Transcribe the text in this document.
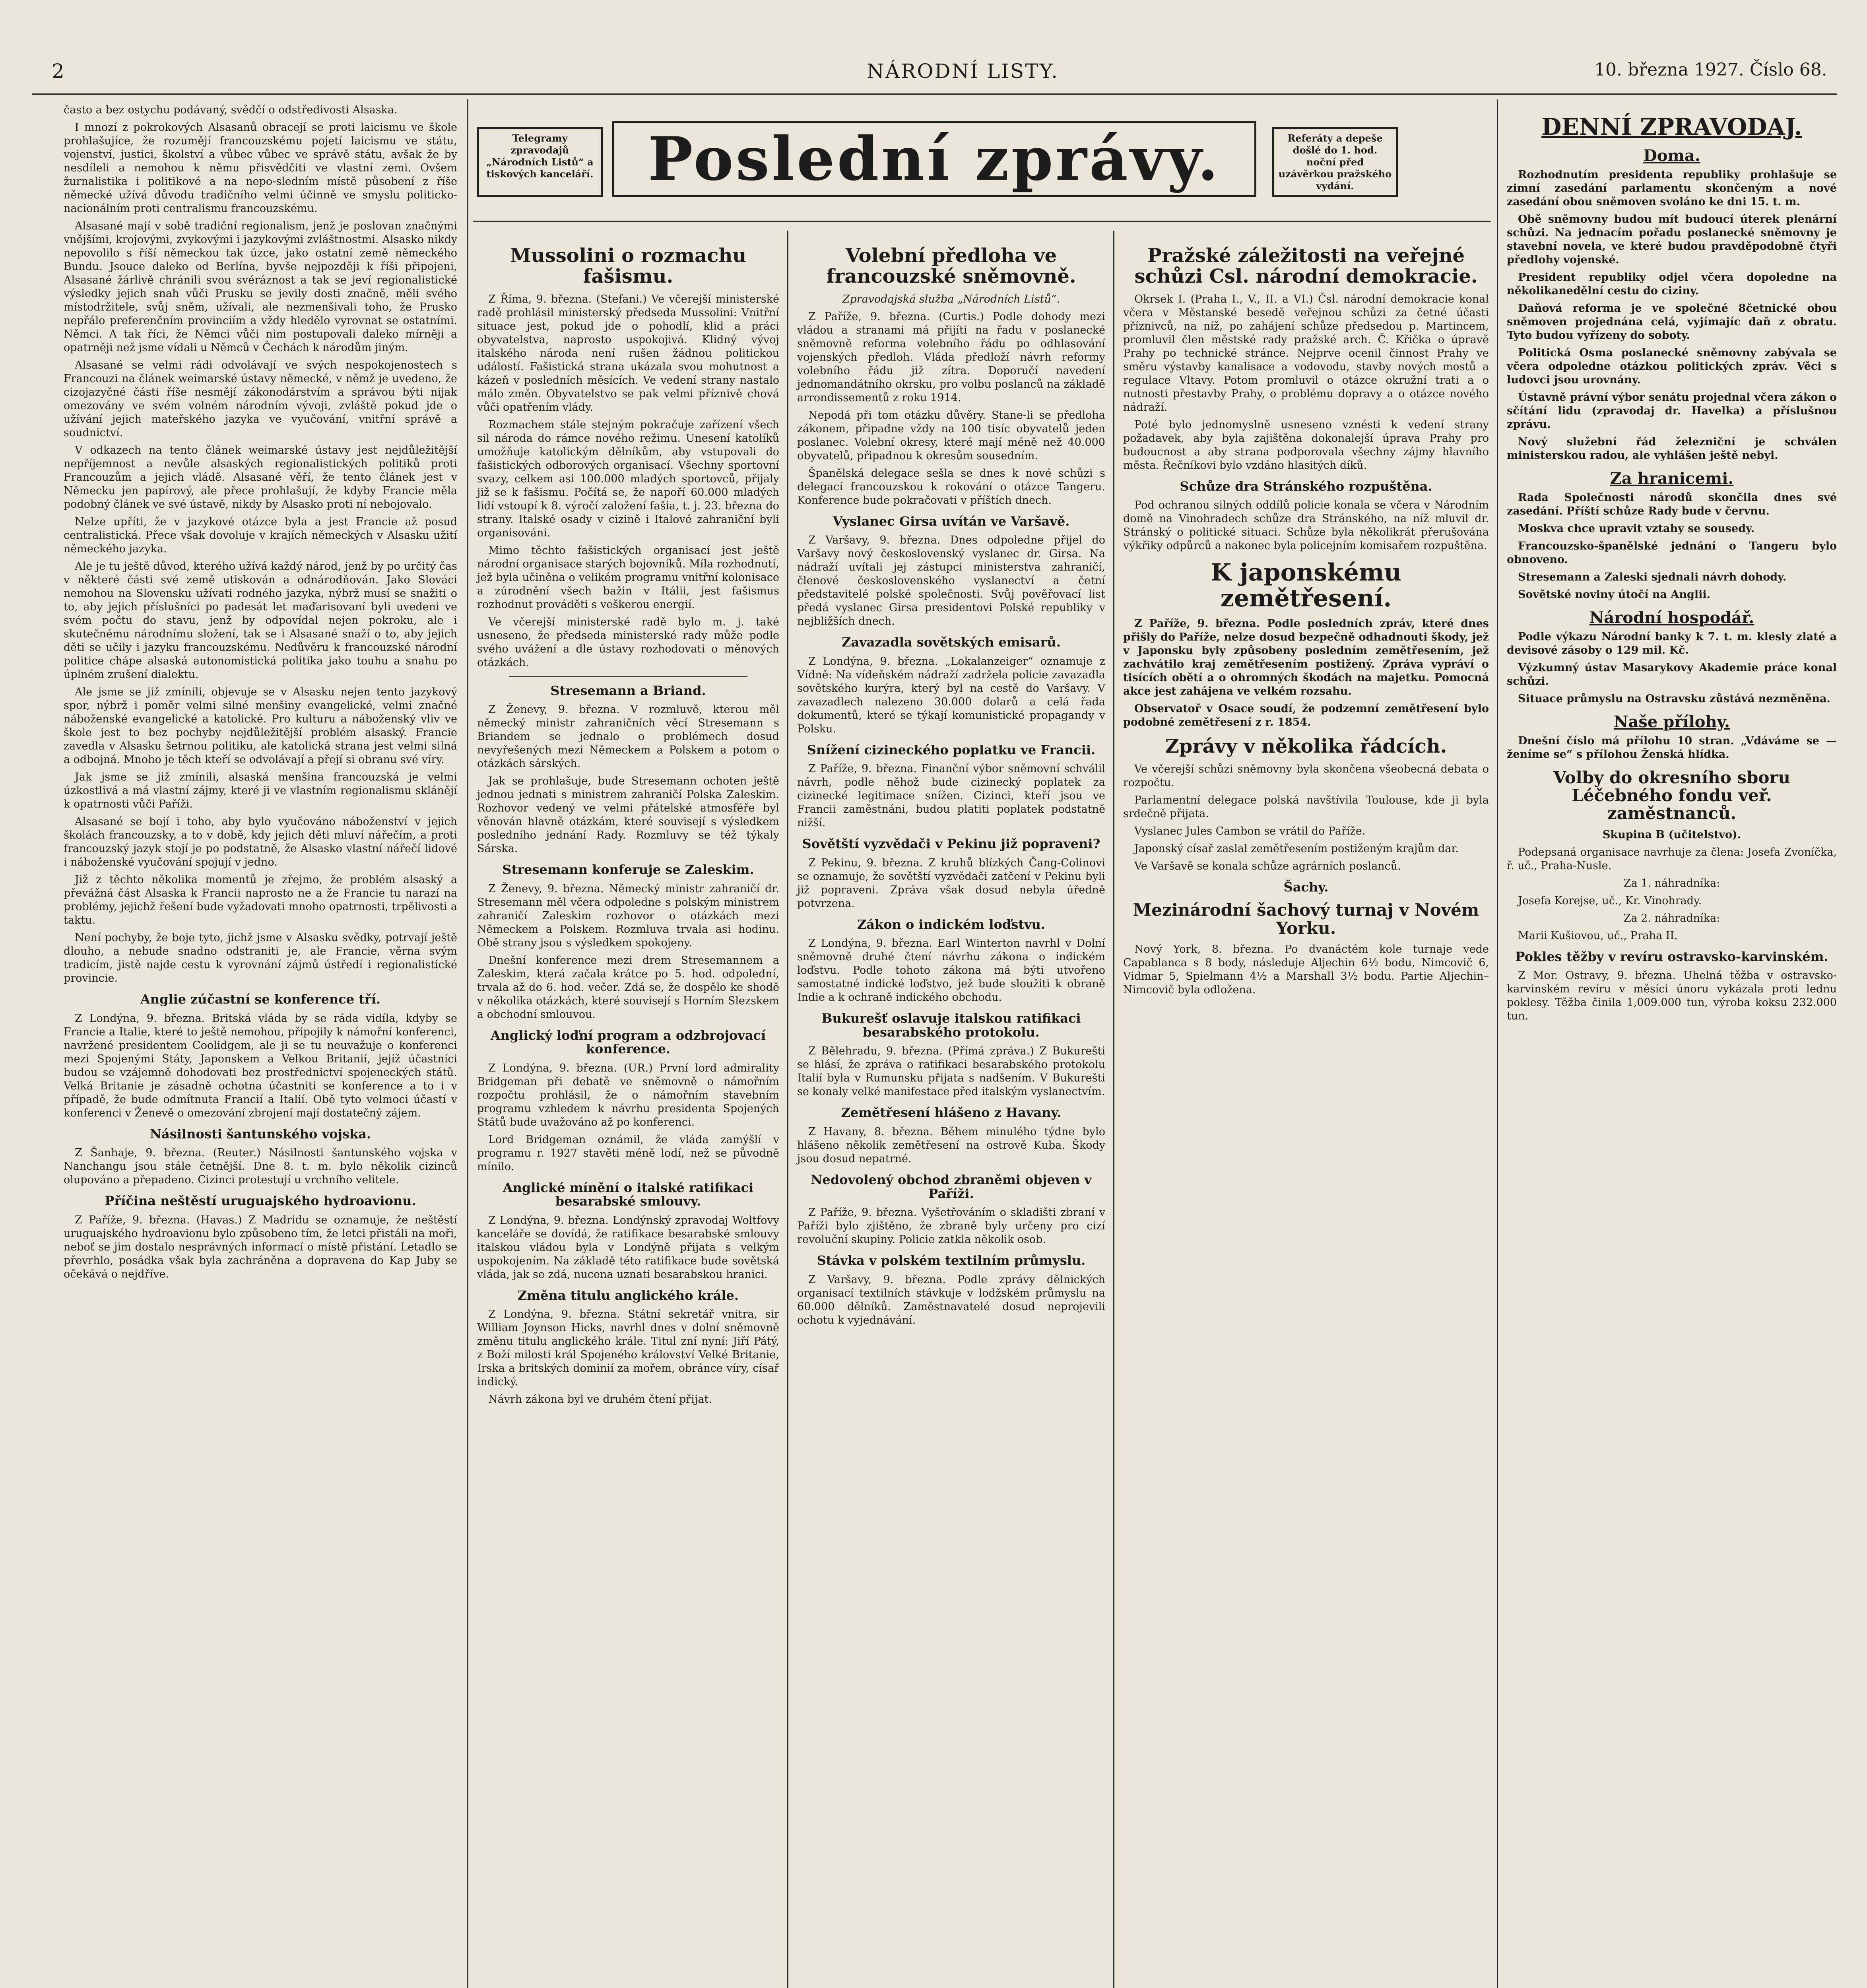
2	NÁRODNÍ LISTY.	10. března 1927. Číslo 68.
Telegramy zpravodajů „Národních Listů“ a tiskových kanceláří. Poslední zprávy.	Referáty a depeše došlé do 1. hod. noční před uzávěrkou pražského vydání.

často a bez ostychu podávaný, svědčí o odstředivosti Alsaska.

I mnozí z pokrokových Alsasanů obracejí se proti laicismu ve škole prohlašujíce, že rozumějí francouzskému pojetí laicismu ve státu, vojenství, justici, školství a vůbec vůbec ve správě státu, avšak že by nesdíleli a nemohou k němu přisvědčiti ve vlastní zemi. Ovšem žurnalistika i politikové a na nepo-sledním místě působení z říše německé užívá důvodu tradičního velmi účinně ve smyslu politicko-nacionálním proti centralismu francouzskému.

Alsasané mají v sobě tradiční regionalism, jenž je poslovan značnými vnějšími, krojovými, zvykovými i jazykovými zvláštnostmi. Alsasko nikdy nepovolilo s říší německou tak úzce, jako ostatní země německého Bundu. Jsouce daleko od Berlína, byvše nejpozději k říši připojeni, Alsasané žárlivě chránili svou svéráznost a tak se jeví regionalistické výsledky jejich snah vůči Prusku se jevily dosti značně, měli svého místodržitele, svůj sněm, užívali, ale nezmenšivali toho, že Prusko nepřálo preferenčním provinciím a vždy hledělo vyrovnat se ostatními. Němci. A tak říci, že Němci vůči nim postupovali daleko mírněji a opatrněji než jsme vídali u Němců v Čechách k národům jiným.

Alsasané se velmi rádi odvolávají ve svých nespokojenostech s Francouzi na článek weimarské ústavy německé, v němž je uvedeno, že cizojazyčné části říše nesmějí zákonodárstvím a správou býti nijak omezovány ve svém volném národním vývoji, zvláště pokud jde o užívání jejich mateřského jazyka ve vyučování, vnitřní správě a soudnictví.

V odkazech na tento článek weimarské ústavy jest nejdůležitější nepříjemnost a nevůle alsaských regionalistických politiků proti Francouzům a jejich vládě. Alsasané věří, že tento článek jest v Německu jen papírový, ale přece prohlašují, že kdyby Francie měla podobný článek ve své ústavě, nikdy by Alsasko proti ní nebojovalo.

Nelze upříti, že v jazykové otázce byla a jest Francie až posud centralistická. Přece však dovoluje v krajích německých v Alsasku užití německého jazyka.

Ale je tu ještě důvod, kterého užívá každý národ, jenž by po určitý čas v některé části své země utiskován a odnárodňován. Jako Slováci nemohou na Slovensku užívati rodného jazyka, nýbrž musí se snažiti o to, aby jejich příslušníci po padesát let maďarisovaní byli uvedeni ve svém počtu do stavu, jenž by odpovídal nejen pokroku, ale i skutečnému národnímu složení, tak se i Alsasané snaží o to, aby jejich děti se učily i jazyku francouzskému. Nedůvěru k francouzské národní politice chápe alsaská autonomistická politika jako touhu a snahu po úplném zrušení dialektu.

Ale jsme se již zmínili, objevuje se v Alsasku nejen tento jazykový spor, nýbrž i poměr velmi silné menšiny evangelické, velmi značné náboženské evangelické a katolické. Pro kulturu a náboženský vliv ve škole jest to bez pochyby nejdůležitější problém alsaský. Francie zavedla v Alsasku šetrnou politiku, ale katolická strana jest velmi silná a odbojná. Mnoho je těch kteří se odvolávají a přejí si obranu své víry.

Jak jsme se již zmínili, alsaská menšina francouzská je velmi úzkostlivá a má vlastní zájmy, které ji ve vlastním regionalismu sklánějí k opatrnosti vůči Paříži.

Alsasané se bojí i toho, aby bylo vyučováno náboženství v jejich školách francouzsky, a to v době, kdy jejich děti mluví nářečím, a proti francouzský jazyk stojí je po podstatně, že Alsasko vlastní nářečí lidové i náboženské vyučování spojují v jedno.

Již z těchto několika momentů je zřejmo, že problém alsaský a převážná část Alsaska k Francii naprosto ne a že Francie tu narazí na problémy, jejichž řešení bude vyžadovati mnoho opatrnosti, trpělivosti a taktu.

Není pochyby, že boje tyto, jichž jsme v Alsasku svědky, potrvají ještě dlouho, a nebude snadno odstraniti je, ale Francie, věrna svým tradicím, jistě najde cestu k vyrovnání zájmů ústředí i regionalistické provincie.

Anglie zúčastní se konference tří.

Z Londýna, 9. března. Britská vláda by se ráda vidíla, kdyby se Francie a Italie, které to ještě nemohou, připojily k námořní konferenci, navržené presidentem Coolidgem, ale ji se tu neuvažuje o konferenci mezi Spojenými Státy, Japonskem a Velkou Britanií, jejíž účastníci budou se vzájemně dohodovati bez prostřednictví spojeneckých států. Velká Britanie je zásadně ochotna účastniti se konference a to i v případě, že bude odmítnuta Francií a Italií. Obě tyto velmoci účastí v konferenci v Ženevě o omezování zbrojení mají dostatečný zájem.

Násilnosti šantunského vojska.

Z Šanhaje, 9. března. (Reuter.) Násilnosti šantunského vojska v Nanchangu jsou stále četnější. Dne 8. t. m. bylo několik cizinců olupováno a přepadeno. Cizinci protestují u vrchního velitele.

Příčina neštěstí uruguajského hydroavionu.

Z Paříže, 9. března. (Havas.) Z Madridu se oznamuje, že neštěstí uruguajského hydroavionu bylo způsobeno tím, že letci přistáli na moři, neboť se jim dostalo nesprávných informací o místě přistání. Letadlo se převrhlo, posádka však byla zachráněna a dopravena do Kap Juby se očekává o nejdříve.

Mussolini o rozmachu fašismu.

Z Říma, 9. března. (Stefani.) Ve včerejší ministerské radě prohlásil ministerský předseda Mussolini: Vnitřní situace jest, pokud jde o pohodlí, klid a práci obyvatelstva, naprosto uspokojivá. Klidný vývoj italského národa není rušen žádnou politickou událostí. Fašistická strana ukázala svou mohutnost a kázeň v posledních měsících. Ve vedení strany nastalo málo změn. Obyvatelstvo se pak velmi příznivě chová vůči opatřením vlády.

Rozmachem stále stejným pokračuje zařízení všech sil národa do rámce nového režimu. Unesení katolíků umožňuje katolickým dělníkům, aby vstupovali do fašistických odborových organisací. Všechny sportovní svazy, celkem asi 100.000 mladých sportovců, přijaly již se k fašismu. Počítá se, že napoří 60.000 mladých lidí vstoupí k 8. výročí založení fašia, t. j. 23. března do strany. Italské osady v cizině i Italové zahraniční byli organisováni.

Mimo těchto fašistických organisací jest ještě národní organisace starých bojovníků. Míla rozhodnutí, jež byla učiněna o velikém programu vnitřní kolonisace a zúrodnění všech bažin v Itálii, jest fašismus rozhodnut prováděti s veškerou energií.

Ve včerejší ministerské radě bylo m. j. také usneseno, že předseda ministerské rady může podle svého uvážení a dle ústavy rozhodovati o měnových otázkách.

Stresemann a Briand.

Z Ženevy, 9. března. V rozmluvě, kterou měl německý ministr zahraničních věcí Stresemann s Briandem se jednalo o problémech dosud nevyřešených mezi Německem a Polskem a potom o otázkách sárských.

Jak se prohlašuje, bude Stresemann ochoten ještě jednou jednati s ministrem zahraničí Polska Zaleskim. Rozhovor vedený ve velmi přátelské atmosféře byl věnován hlavně otázkám, které souvisejí s výsledkem posledního jednání Rady. Rozmluvy se též týkaly Sárska.

Stresemann konferuje se Zaleskim.

Z Ženevy, 9. března. Německý ministr zahraničí dr. Stresemann měl včera odpoledne s polským ministrem zahraničí Zaleskim rozhovor o otázkách mezi Německem a Polskem. Rozmluva trvala asi hodinu. Obě strany jsou s výsledkem spokojeny.

Dnešní konference mezi drem Stresemannem a Zaleskim, která začala krátce po 5. hod. odpolední, trvala až do 6. hod. večer. Zdá se, že dospělo ke shodě v několika otázkách, které souvisejí s Horním Slezskem a obchodní smlouvou.

Anglický loďní program a odzbrojovací konference.

Z Londýna, 9. března. (UR.) První lord admirality Bridgeman při debatě ve sněmovně o námořním rozpočtu prohlásil, že o námořním stavebním programu vzhledem k návrhu presidenta Spojených Států bude uvažováno až po konferenci.

Lord Bridgeman oznámil, že vláda zamýšlí v programu r. 1927 stavěti méně lodí, než se původně mínilo.

Anglické mínění o italské ratifikaci besarabské smlouvy.

Z Londýna, 9. března. Londýnský zpravodaj Woltfovy kanceláře se dovídá, že ratifikace besarabské smlouvy italskou vládou byla v Londýně přijata s velkým uspokojením. Na základě této ratifikace bude sovětská vláda, jak se zdá, nucena uznati besarabskou hranici.

Změna titulu anglického krále.

Z Londýna, 9. března. Státní sekretář vnitra, sir William Joynson Hicks, navrhl dnes v dolní sněmovně změnu titulu anglického krále. Titul zní nyní: Jiří Pátý, z Boží milosti král Spojeného království Velké Britanie, Irska a britských dominií za mořem, obránce víry, císař indický.

Návrh zákona byl ve druhém čtení přijat.

Volební předloha ve francouzské sněmovně.

Zpravodajská služba „Národních Listů“.

Z Paříže, 9. března. (Curtis.) Podle dohody mezi vládou a stranami má přijíti na řadu v poslanecké sněmovně reforma volebního řádu po odhlasování vojenských předloh. Vláda předloží návrh reformy volebního řádu již zítra. Doporučí navedení jednomandátního okrsku, pro volbu poslanců na základě arrondissementů z roku 1914.

Nepodá při tom otázku důvěry. Stane-li se předloha zákonem, připadne vždy na 100 tisíc obyvatelů jeden poslanec. Volební okresy, které mají méně než 40.000 obyvatelů, připadnou k okresům sousedním.

Španělská delegace sešla se dnes k nové schůzi s delegací francouzskou k rokování o otázce Tangeru. Konference bude pokračovati v příštích dnech.

Vyslanec Girsa uvítán ve Varšavě.

Z Varšavy, 9. března. Dnes odpoledne přijel do Varšavy nový československý vyslanec dr. Girsa. Na nádraží uvítali jej zástupci ministerstva zahraničí, členové československého vyslanectví a četní představitelé polské společnosti. Svůj pověřovací list předá vyslanec Girsa presidentovi Polské republiky v nejbližších dnech.

Zavazadla sovětských emisarů.

Z Londýna, 9. března. „Lokalanzeiger“ oznamuje z Vídně: Na vídeňském nádraží zadržela policie zavazadla sovětského kurýra, který byl na cestě do Varšavy. V zavazadlech nalezeno 30.000 dolarů a celá řada dokumentů, které se týkají komunistické propagandy v Polsku.

Snížení cizineckého poplatku ve Francii.

Z Paříže, 9. března. Finanční výbor sněmovní schválil návrh, podle něhož bude cizinecký poplatek za cizinecké legitimace snížen. Cizinci, kteří jsou ve Francii zaměstnáni, budou platiti poplatek podstatně nižší.

Sovětští vyzvědači v Pekinu již popraveni?

Z Pekinu, 9. března. Z kruhů blízkých Čang-Colinovi se oznamuje, že sovětští vyzvědači zatčení v Pekinu byli již popraveni. Zpráva však dosud nebyla úředně potvrzena.

Zákon o indickém loďstvu.

Z Londýna, 9. března. Earl Winterton navrhl v Dolní sněmovně druhé čtení návrhu zákona o indickém loďstvu. Podle tohoto zákona má býti utvořeno samostatné indické loďstvo, jež bude sloužiti k obraně Indie a k ochraně indického obchodu.

Bukurešť oslavuje italskou ratifikaci besarabského protokolu.

Z Bělehradu, 9. března. (Přímá zpráva.) Z Bukurešti se hlásí, že zpráva o ratifikaci besarabského protokolu Italií byla v Rumunsku přijata s nadšením. V Bukurešti se konaly velké manifestace před italským vyslanectvím.

Zemětřesení hlášeno z Havany.

Z Havany, 8. března. Během minulého týdne bylo hlášeno několik zemětřesení na ostrově Kuba. Škody jsou dosud nepatrné.

Nedovolený obchod zbraněmi objeven v Paříži.

Z Paříže, 9. března. Vyšetřováním o skladišti zbraní v Paříži bylo zjištěno, že zbraně byly určeny pro cizí revoluční skupiny. Policie zatkla několik osob.

Stávka v polském textilním průmyslu.

Z Varšavy, 9. března. Podle zprávy dělnických organisací textilních stávkuje v lodžském průmyslu na 60.000 dělníků. Zaměstnavatelé dosud neprojevili ochotu k vyjednávání.

Pražské záležitosti na veřejné schůzi Csl. národní demokracie.

Okrsek I. (Praha I., V., II. a VI.) Čsl. národní demokracie konal včera v Městanské besedě veřejnou schůzi za četné účasti příznivců, na níž, po zahájení schůze předsedou p. Martincem, promluvil člen městské rady pražské arch. Č. Křička o úpravě Prahy po technické stránce. Nejprve ocenil činnost Prahy ve směru výstavby kanalisace a vodovodu, stavby nových mostů a regulace Vltavy. Potom promluvil o otázce okružní trati a o nutnosti přestavby Prahy, o problému dopravy a o otázce nového nádraží.

Poté bylo jednomyslně usneseno vznésti k vedení strany požadavek, aby byla zajištěna dokonalejší úprava Prahy pro budoucnost a aby strana podporovala všechny zájmy hlavního města. Řečníkovi bylo vzdáno hlasitých díků.

Schůze dra Stránského rozpuštěna.

Pod ochranou silných oddílů policie konala se včera v Národním domě na Vinohradech schůze dra Stránského, na níž mluvil dr. Stránský o politické situaci. Schůze byla několikrát přerušována výkřiky odpůrců a nakonec byla policejním komisařem rozpuštěna.

K japonskému zemětřesení.

Z Paříže, 9. března. Podle posledních zpráv, které dnes přišly do Paříže, nelze dosud bezpečně odhadnouti škody, jež v Japonsku byly způsobeny posledním zemětřesením, jež zachvátilo kraj zemětřesením postižený. Zpráva vypráví o tisících obětí a o ohromných škodách na majetku. Pomocná akce jest zahájena ve velkém rozsahu.

Observatoř v Osace soudí, že podzemní zemětřesení bylo podobné zemětřesení z r. 1854.

Zprávy v několika řádcích.

Ve včerejší schůzi sněmovny byla skončena všeobecná debata o rozpočtu.

Parlamentní delegace polská navštívila Toulouse, kde ji byla srdečně přijata.

Vyslanec Jules Cambon se vrátil do Paříže.

Japonský císař zaslal zemětřesením postiženým krajům dar.

Ve Varšavě se konala schůze agrárních poslanců.

Šachy.
Mezinárodní šachový turnaj v Novém Yorku.

Nový York, 8. března. Po dvanáctém kole turnaje vede Capablanca s 8 body, následuje Aljechin 6½ bodu, Nimcovič 6, Vidmar 5, Spielmann 4½ a Marshall 3½ bodu. Partie Aljechin–Nimcovič byla odložena.

DENNÍ ZPRAVODAJ.
Doma.

Rozhodnutím presidenta republiky prohlašuje se zimní zasedání parlamentu skončeným a nové zasedání obou sněmoven svoláno ke dni 15. t. m.

Obě sněmovny budou mít budoucí úterek plenární schůzi. Na jednacím pořadu poslanecké sněmovny je stavební novela, ve které budou pravděpodobně čtyři předlohy vojenské.

President republiky odjel včera dopoledne na několikanedělní cestu do ciziny.

Daňová reforma je ve společné 8četnické obou sněmoven projednána celá, vyjímajíc daň z obratu. Tyto budou vyřízeny do soboty.

Politická Osma poslanecké sněmovny zabývala se včera odpoledne otázkou politických zpráv. Věci s ludovci jsou urovnány.

Ústavně právní výbor senátu projednal včera zákon o sčítání lidu (zpravodaj dr. Havelka) a příslušnou zprávu.

Nový služební řád železniční je schválen ministerskou radou, ale vyhlášen ještě nebyl.

Za hranicemi.

Rada Společnosti národů skončila dnes své zasedání. Příští schůze Rady bude v červnu.

Moskva chce upravit vztahy se sousedy.

Francouzsko-španělské jednání o Tangeru bylo obnoveno.

Stresemann a Zaleski sjednali návrh dohody.

Sovětské noviny útočí na Anglii.

Národní hospodář.

Podle výkazu Národní banky k 7. t. m. klesly zlaté a devisové zásoby o 129 mil. Kč.

Výzkumný ústav Masarykovy Akademie práce konal schůzi.

Situace průmyslu na Ostravsku zůstává nezměněna.

Naše přílohy.

Dnešní číslo má přílohu 10 stran. „Vdáváme se — ženíme se“ s přílohou Ženská hlídka.

Volby do okresního sboru Léčebného fondu veř. zaměstnanců.

Skupina B (učitelstvo).

Podepsaná organisace navrhuje za člena: Josefa Zvoníčka, ř. uč., Praha-Nusle.

Za 1. náhradníka:

Josefa Korejse, uč., Kr. Vinohrady.

Za 2. náhradníka:

Marii Kušiovou, uč., Praha II.

Pokles těžby v revíru ostravsko-karvinském.

Z Mor. Ostravy, 9. března. Uhelná těžba v ostravsko-karvinském revíru v měsíci únoru vykázala proti lednu poklesy. Těžba činila 1,009.000 tun, výroba koksu 232.000 tun.
